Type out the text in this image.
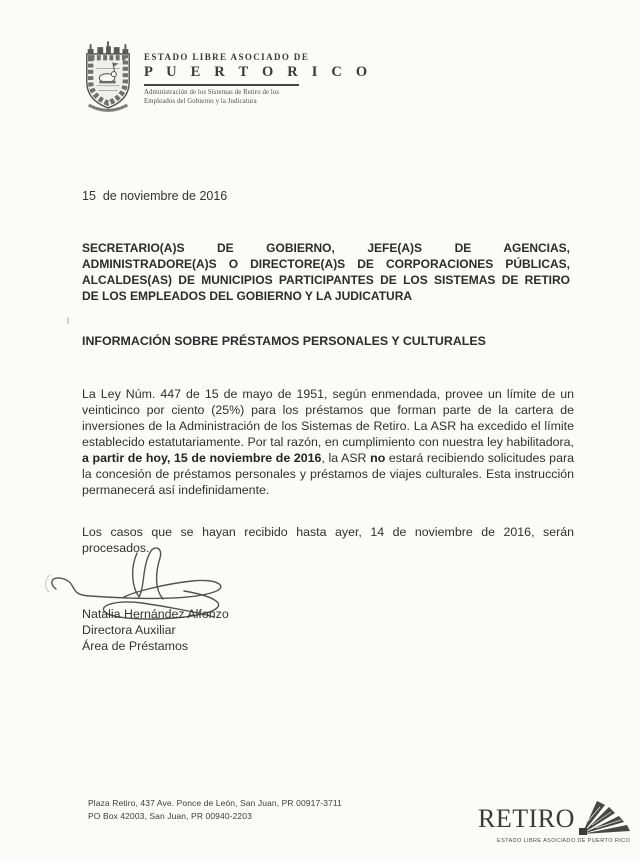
ESTADO LIBRE ASOCIADO DE
P U E R T O R I C O
Administración de los Sistemas de Retiro de los
Empleados del Gobierno y la Judicatura
15  de noviembre de 2016
SECRETARIO(A)S DE GOBIERNO, JEFE(A)S DE AGENCIAS,
ADMINISTRADORE(A)S O DIRECTORE(A)S DE CORPORACIONES PÚBLICAS,
ALCALDES(AS) DE MUNICIPIOS PARTICIPANTES DE LOS SISTEMAS DE RETIRO
DE LOS EMPLEADOS DEL GOBIERNO Y LA JUDICATURA
INFORMACIÓN SOBRE PRÉSTAMOS PERSONALES Y CULTURALES

La Ley Núm. 447 de 15 de mayo de 1951, según enmendada, provee un límite de un veinticinco por ciento (25%) para los préstamos que forman parte de la cartera de inversiones de la Administración de los Sistemas de Retiro. La ASR ha excedido el límite establecido estatutariamente. Por tal razón, en cumplimiento con nuestra ley habilitadora, a partir de hoy, 15 de noviembre de 2016, la ASR no estará recibiendo solicitudes para la concesión de préstamos personales y préstamos de viajes culturales. Esta instrucción permanecerá así indefinidamente.

Los casos que se hayan recibido hasta ayer, 14 de noviembre de 2016, serán procesados.

Natalia Hernández Alfonzo
Directora Auxiliar
Área de Préstamos
Plaza Retiro, 437 Ave. Ponce de León, San Juan, PR 00917-3711
PO Box 42003, San Juan, PR 00940-2203	RETIRO
ESTADO LIBRE ASOCIADO DE PUERTO RICO
